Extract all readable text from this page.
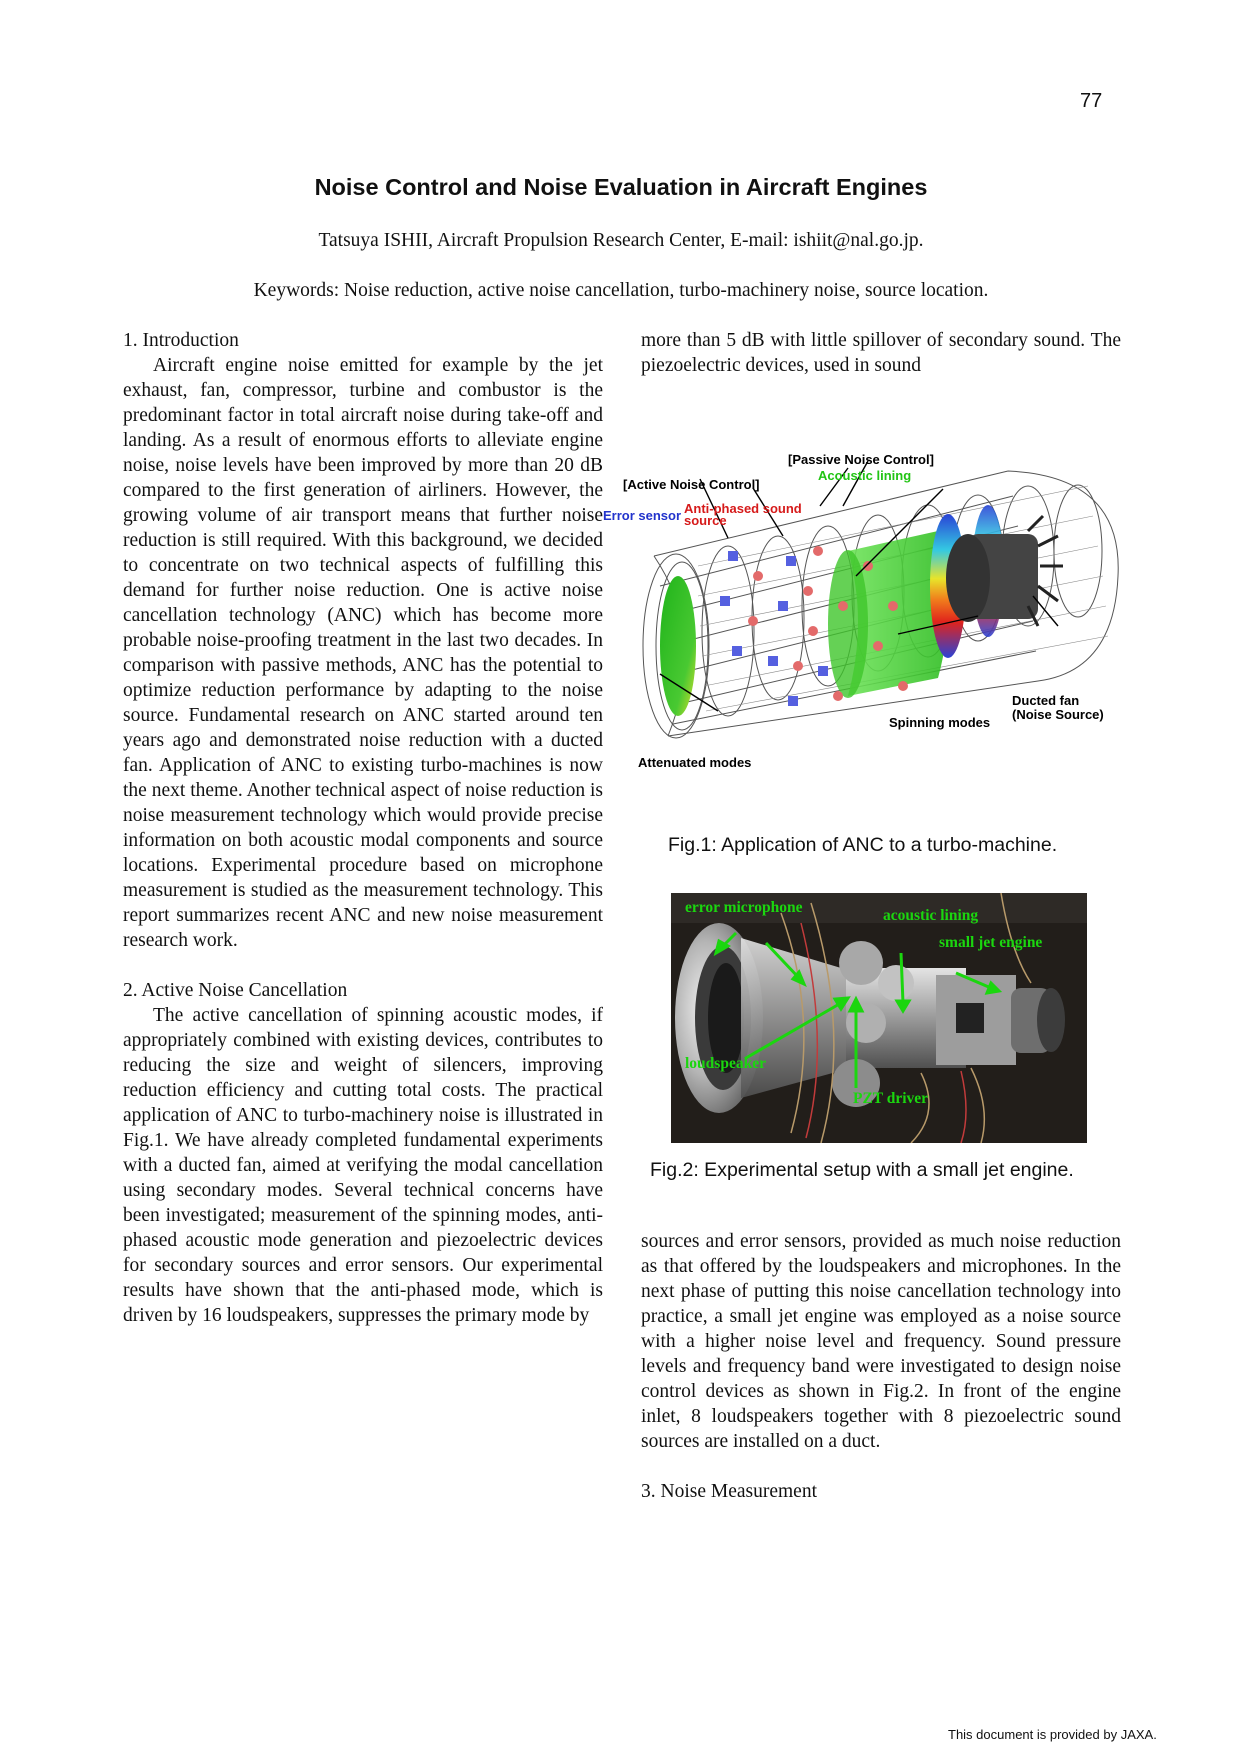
77
Noise Control and Noise Evaluation in Aircraft Engines
Tatsuya ISHII, Aircraft Propulsion Research Center, E-mail: ishiit@nal.go.jp.
Keywords: Noise reduction, active noise cancellation, turbo-machinery noise, source location.

1. Introduction

Aircraft engine noise emitted for example by the jet exhaust, fan, compressor, turbine and combustor is the predominant factor in total aircraft noise during take-off and landing. As a result of enormous efforts to alleviate engine noise, noise levels have been improved by more than 20 dB compared to the first generation of airliners. However, the growing volume of air transport means that further noise reduction is still required. With this background, we decided to concentrate on two technical aspects of fulfilling this demand for further noise reduction. One is active noise cancellation technology (ANC) which has become more probable noise-proofing treatment in the last two decades. In comparison with passive methods, ANC has the potential to optimize reduction performance by adapting to the noise source. Fundamental research on ANC started around ten years ago and demonstrated noise reduction with a ducted fan. Application of ANC to existing turbo-machines is now the next theme. Another technical aspect of noise reduction is noise measurement technology which would provide precise information on both acoustic modal components and source locations. Experimental procedure based on microphone measurement is studied as the measurement technology. This report summarizes recent ANC and new noise measurement research work.

2. Active Noise Cancellation

The active cancellation of spinning acoustic modes, if appropriately combined with existing devices, contributes to reducing the size and weight of silencers, improving reduction efficiency and cutting total costs. The practical application of ANC to turbo-machinery noise is illustrated in Fig.1. We have already completed fundamental experiments with a ducted fan, aimed at verifying the modal cancellation using secondary modes. Several technical concerns have been investigated; measurement of the spinning modes, anti-phased acoustic mode generation and piezoelectric devices for secondary sources and error sensors. Our experimental results have shown that the anti-phased mode, which is driven by 16 loudspeakers, suppresses the primary mode by

more than 5 dB with little spillover of secondary sound. The piezoelectric devices, used in sound

[Passive Noise Control]
Acoustic lining
[Active Noise Control]
Error sensor Anti-phased sound
source
Ducted fan
(Noise Source)
Spinning modes
Attenuated modes
Fig.1: Application of ANC to a turbo-machine.
error microphone	acoustic lining
small jet engine
loudspeaker
PZT driver
Fig.2: Experimental setup with a small jet engine.

sources and error sensors, provided as much noise reduction as that offered by the loudspeakers and microphones. In the next phase of putting this noise cancellation technology into practice, a small jet engine was employed as a noise source with a higher noise level and frequency. Sound pressure levels and frequency band were investigated to design noise control devices as shown in Fig.2. In front of the engine inlet, 8 loudspeakers together with 8 piezoelectric sound sources are installed on a duct.

3. Noise Measurement

This document is provided by JAXA.
